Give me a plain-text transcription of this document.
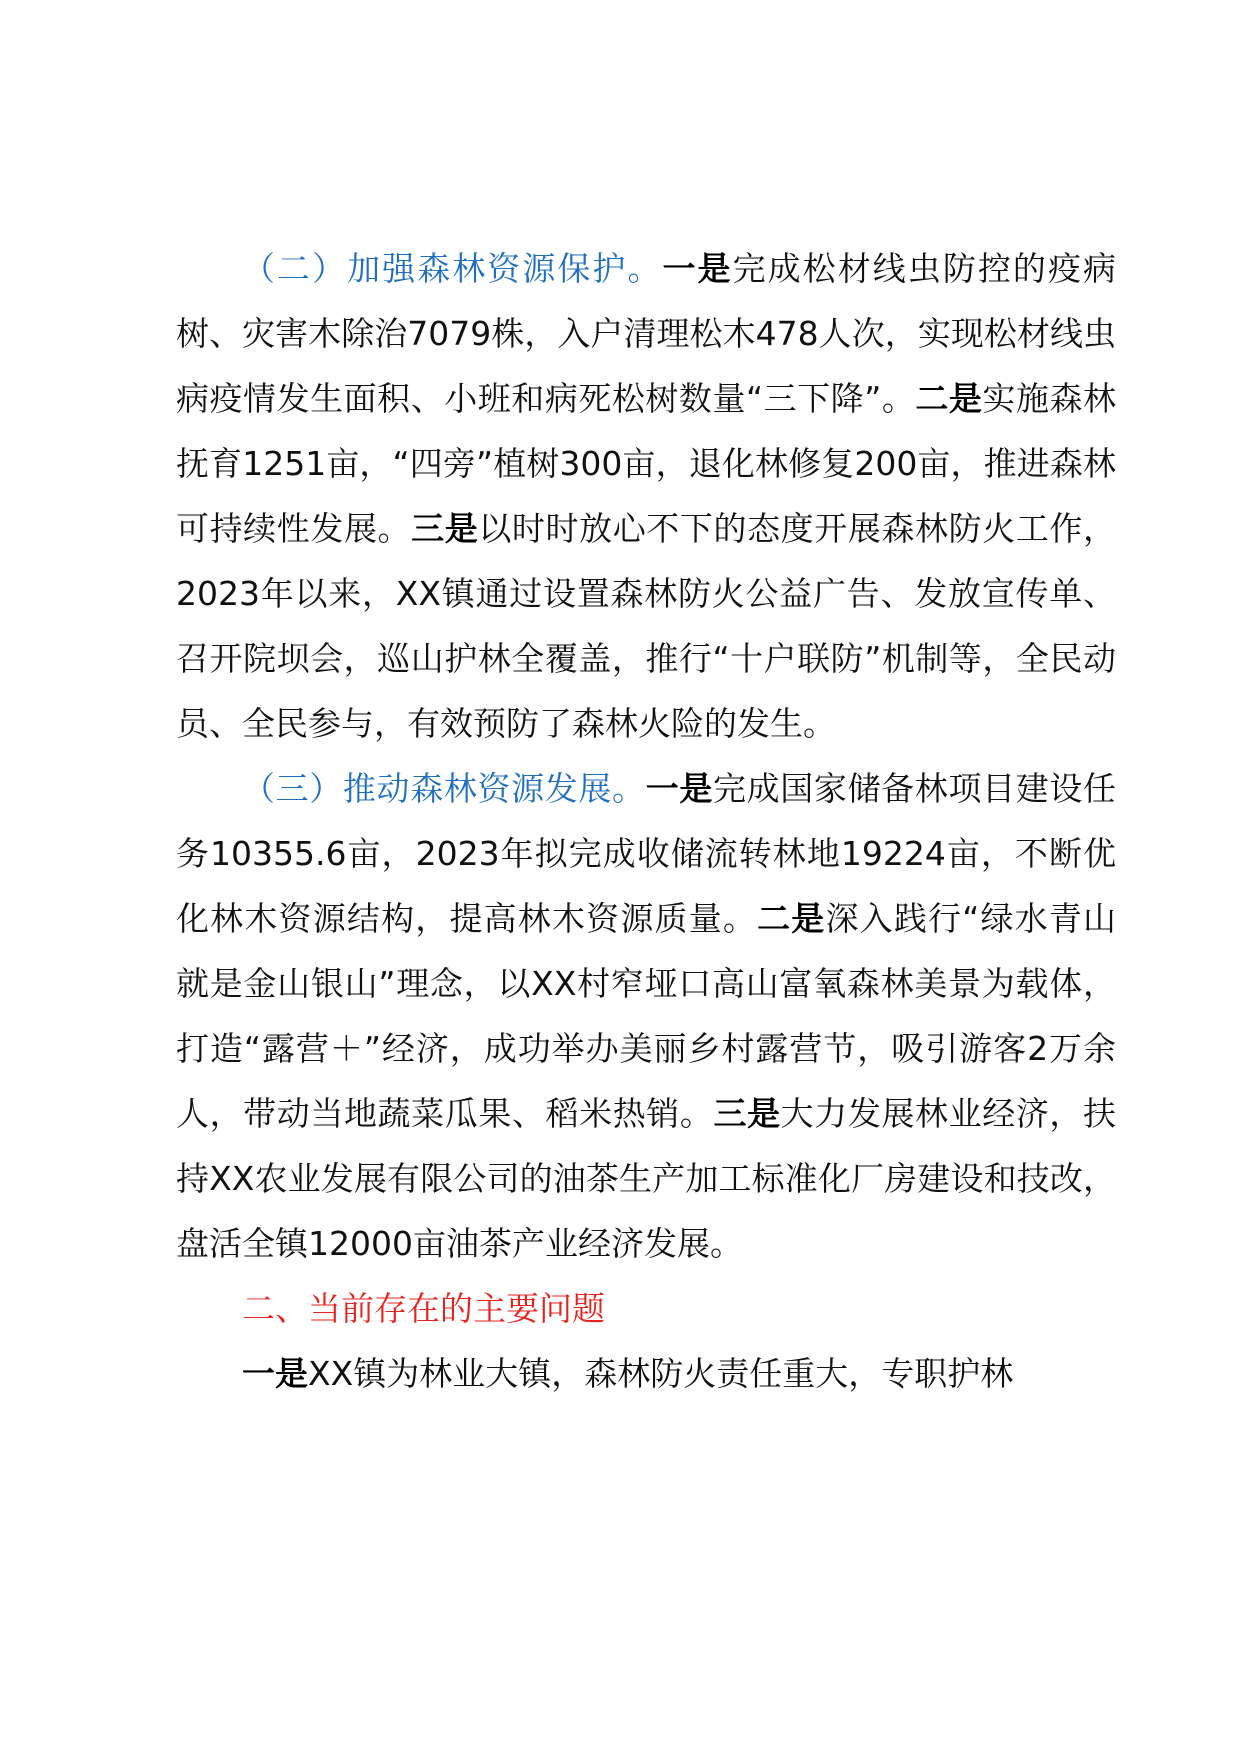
（二）加强森林资源保护。一是完成松材线虫防控的疫病树、灾害木除治7079株，入户清理松木478人次，实现松材线虫病疫情发生面积、小班和病死松树数量“三下降”。二是实施森林抚育1251亩，“四旁”植树300亩，退化林修复200亩，推进森林可持续性发展。三是以时时放心不下的态度开展森林防火工作，2023年以来，XX镇通过设置森林防火公益广告、发放宣传单、召开院坝会，巡山护林全覆盖，推行“十户联防”机制等，全民动员、全民参与，有效预防了森林火险的发生。

（三）推动森林资源发展。一是完成国家储备林项目建设任务10355.6亩，2023年拟完成收储流转林地19224亩，不断优化林木资源结构，提高林木资源质量。二是深入践行“绿水青山就是金山银山”理念，以XX村窄垭口高山富氧森林美景为载体，打造“露营＋”经济，成功举办美丽乡村露营节，吸引游客2万余人，带动当地蔬菜瓜果、稻米热销。三是大力发展林业经济，扶持XX农业发展有限公司的油茶生产加工标准化厂房建设和技改，盘活全镇12000亩油茶产业经济发展。

二、当前存在的主要问题

一是XX镇为林业大镇，森林防火责任重大，专职护林
